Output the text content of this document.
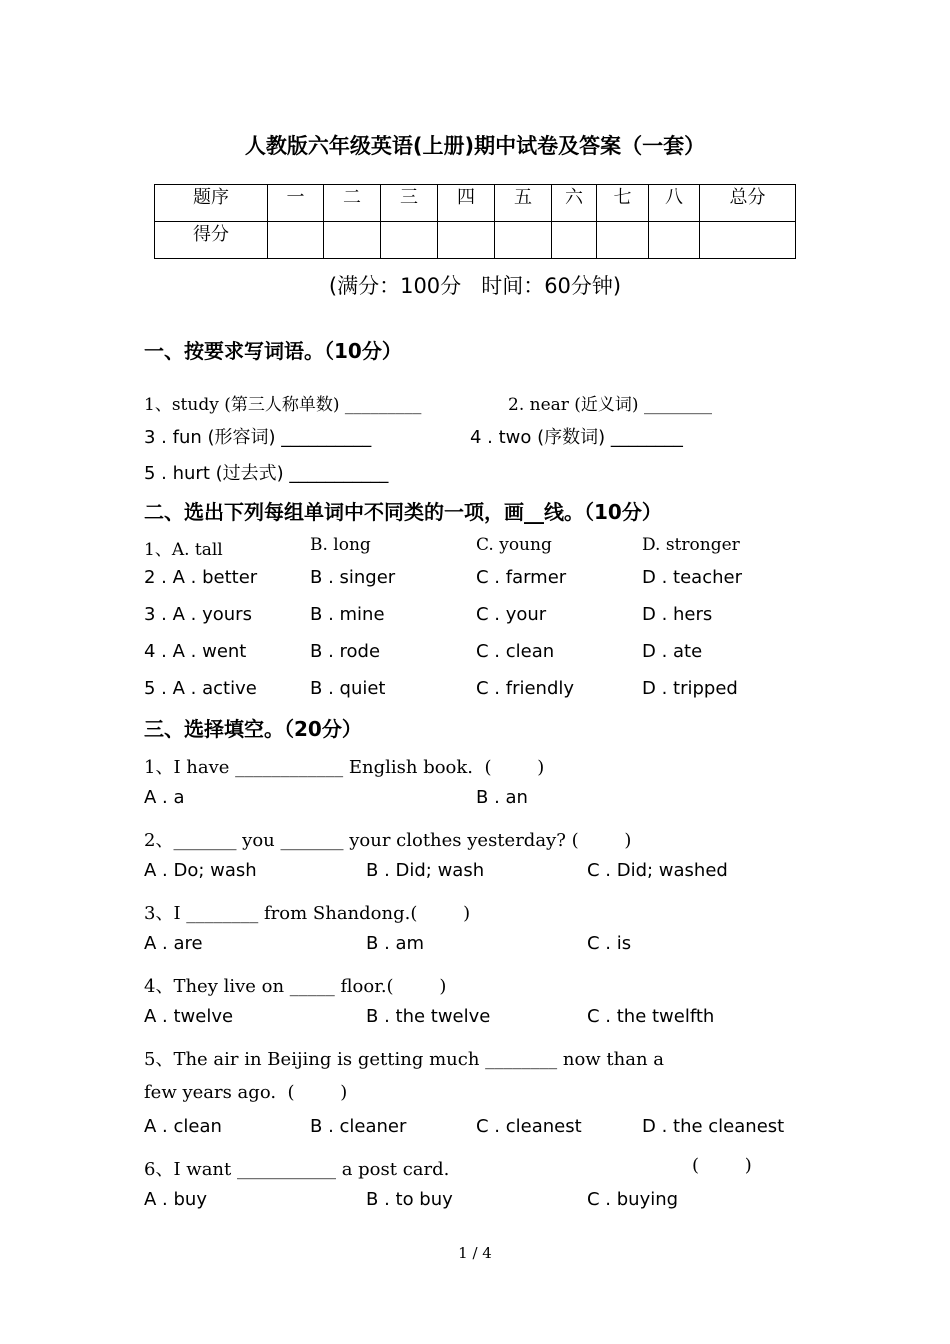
人教版六年级英语(上册)期中试卷及答案（一套）
题序	一	二	三	四	五	六	七	八	总分
得分									
(满分：100分   时间：60分钟)
一、按要求写词语。（10分）
1、study (第三人称单数) _________	2. near (近义词) ________
3 . fun (形容词) __________	4 . two (序数词) ________
5 . hurt (过去式) ___________
二、选出下列每组单词中不同类的一项，画__线。（10分）
1、A. tall	B. long	C. young	D. stronger
2 . A . better	B . singer	C . farmer	D . teacher
3 . A . yours	B . mine	C . your	D . hers
4 . A . went	B . rode	C . clean	D . ate
5 . A . active	B . quiet	C . friendly	D . tripped
三、选择填空。（20分）
1、I have ____________ English book.  (        )
A . a	B . an
2、_______ you _______ your clothes yesterday? (        )
A . Do; wash	B . Did; wash	C . Did; washed
3、I ________ from Shandong.(        )
A . are	B . am	C . is
4、They live on _____ floor.(        )
A . twelve	B . the twelve	C . the twelfth
5、The air in Beijing is getting much ________ now than a
few years ago.  (        )
A . clean	B . cleaner	C . cleanest	D . the cleanest
6、I want ___________ a post card.	(        )
A . buy	B . to buy	C . buying
1 / 4
